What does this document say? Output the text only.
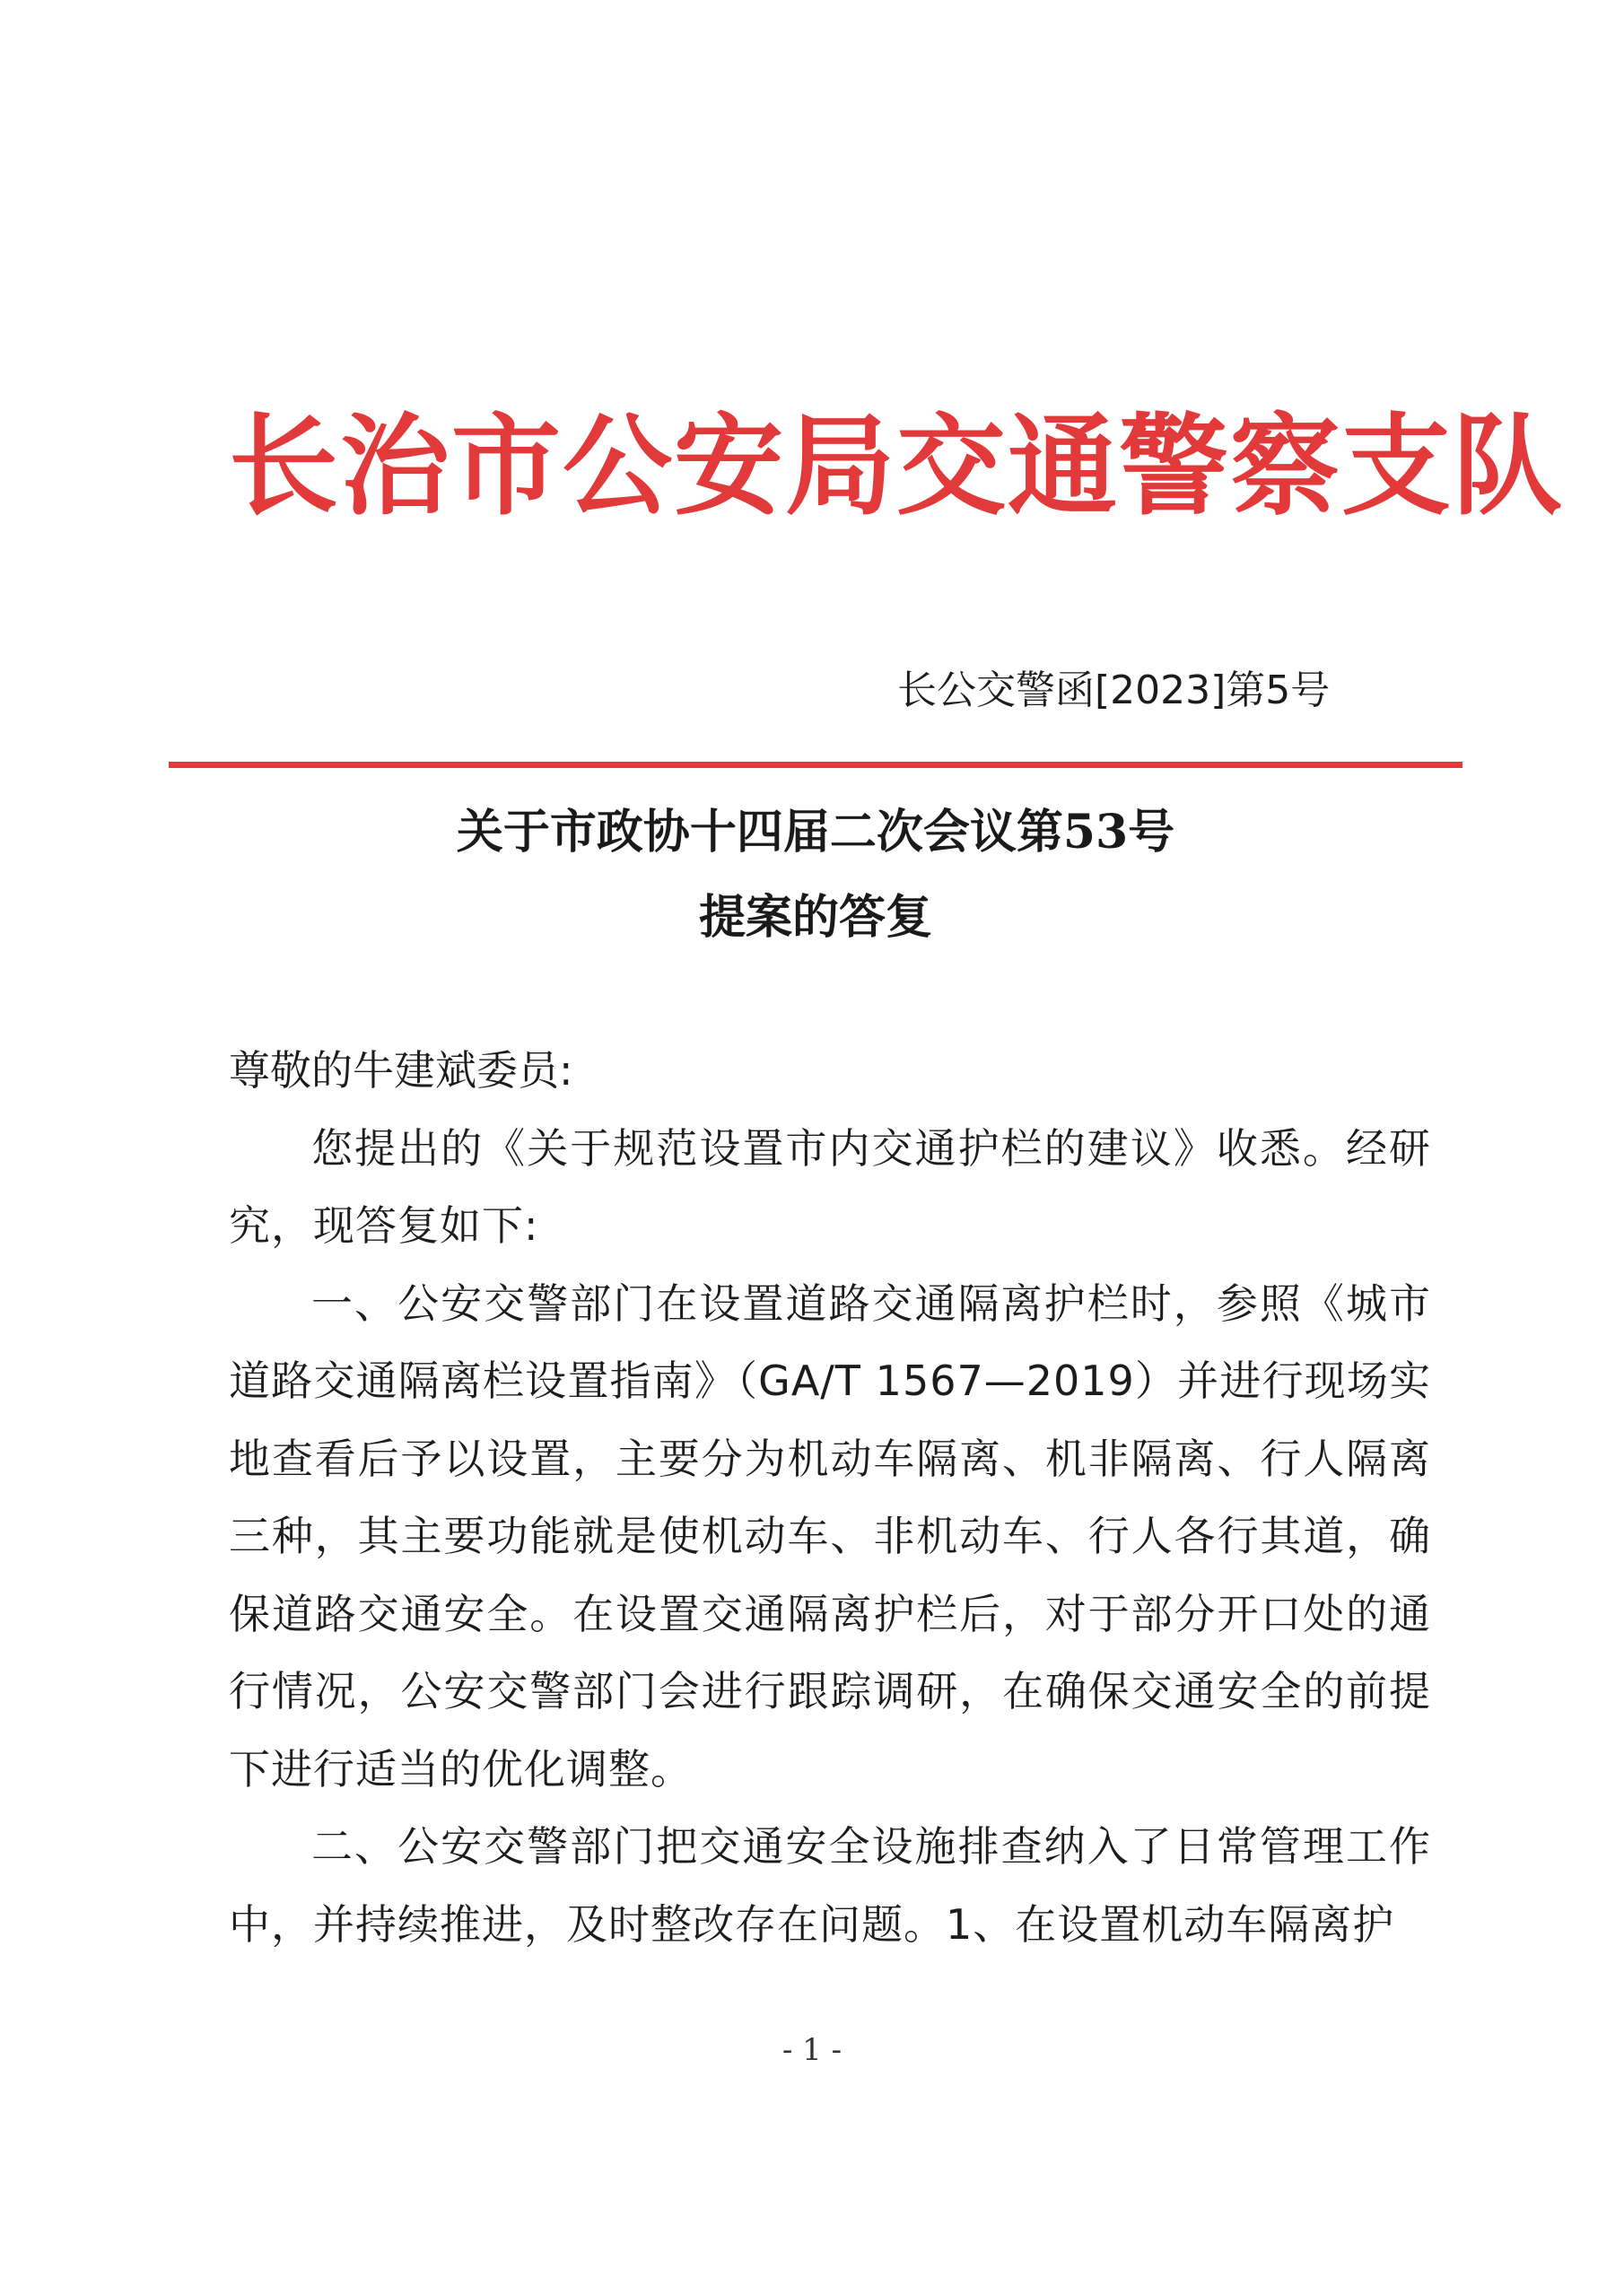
长治市公安局交通警察支队
长公交警函[2023]第5号
关于市政协十四届二次会议第53号
提案的答复

尊敬的牛建斌委员:

您提出的《关于规范设置市内交通护栏的建议》收悉。经研究，现答复如下:

一、公安交警部门在设置道路交通隔离护栏时，参照《城市道路交通隔离栏设置指南》（GA/T 1567—2019）并进行现场实地查看后予以设置，主要分为机动车隔离、机非隔离、行人隔离三种，其主要功能就是使机动车、非机动车、行人各行其道，确保道路交通安全。在设置交通隔离护栏后，对于部分开口处的通行情况，公安交警部门会进行跟踪调研，在确保交通安全的前提下进行适当的优化调整。

二、公安交警部门把交通安全设施排查纳入了日常管理工作中，并持续推进，及时整改存在问题。1、在设置机动车隔离护

- 1 -
